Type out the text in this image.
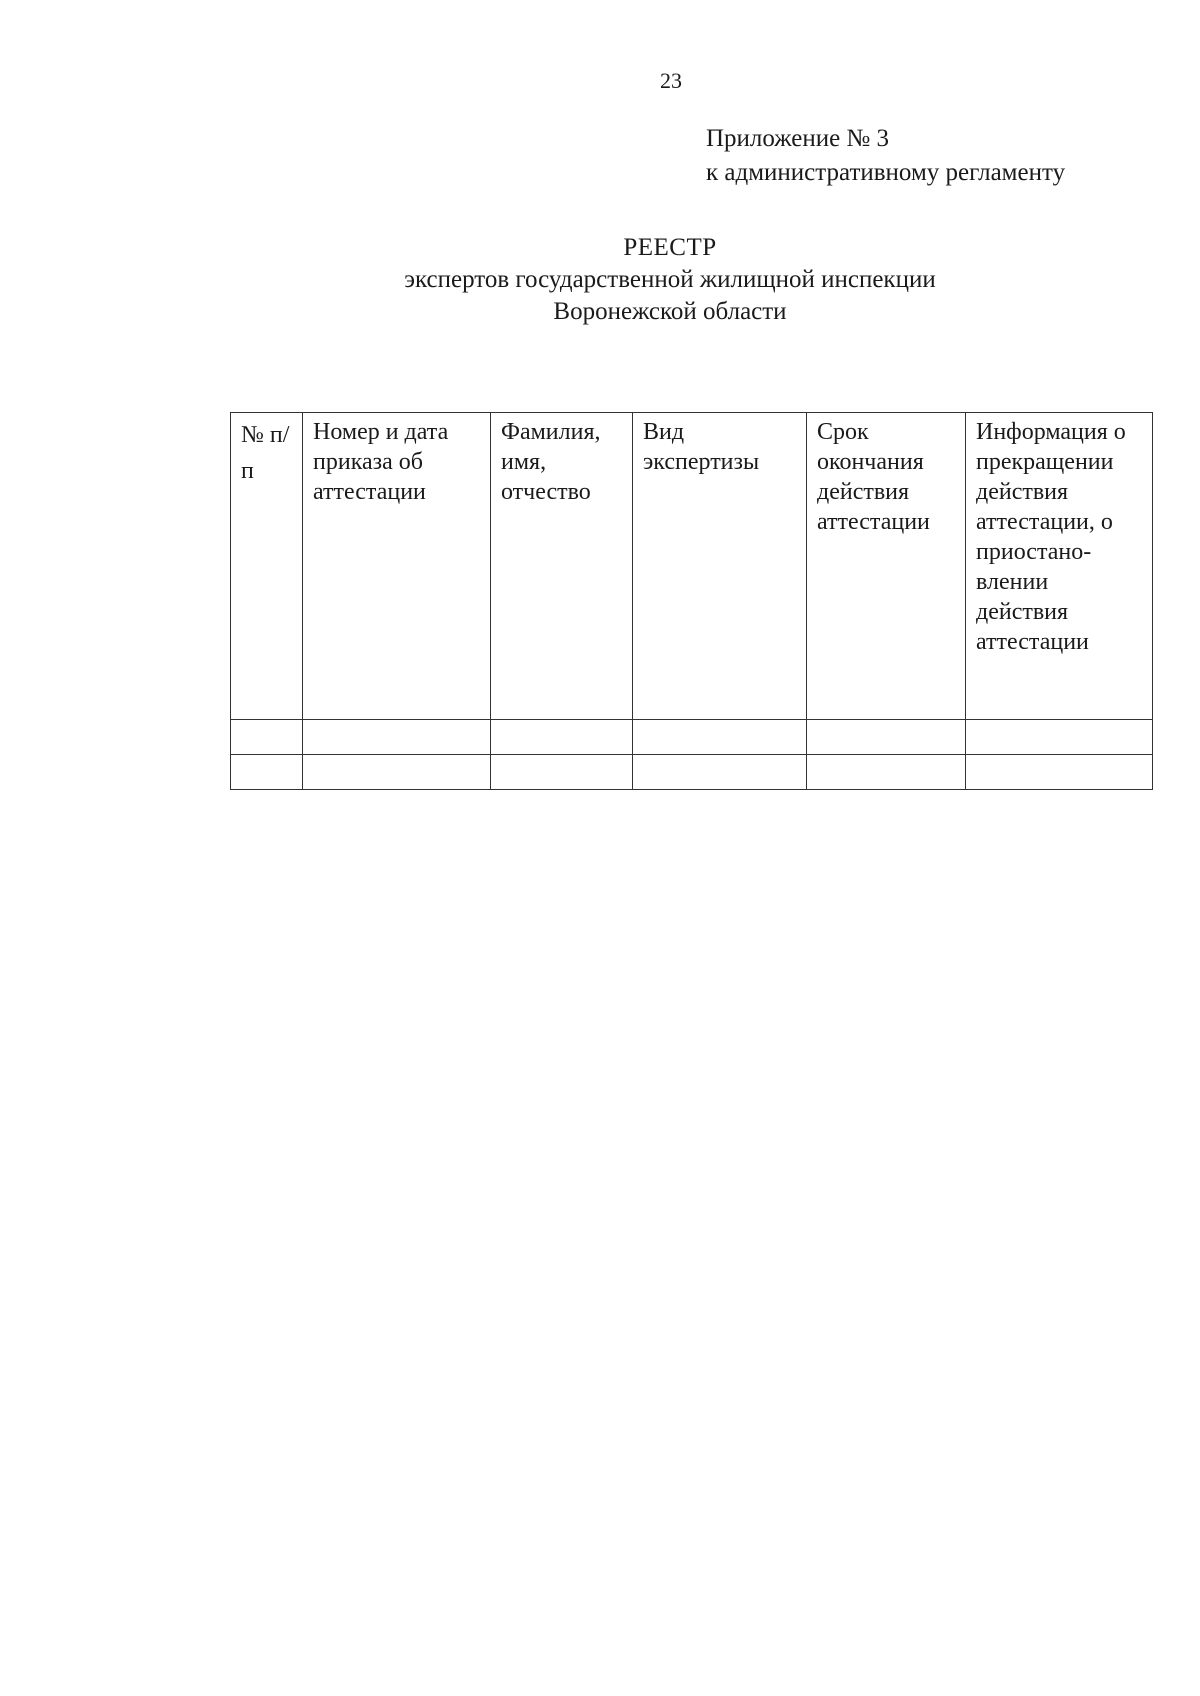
23
Приложение № 3
к административному регламенту
РЕЕСТР
экспертов государственной жилищной инспекции
Воронежской области
№ п/п	Номер и дата приказа об аттестации	Фамилия, имя, отчество	Вид экспертизы	Срок окончания действия аттестации	Информация о прекращении действия аттестации, о приостано-влении действия аттестации
